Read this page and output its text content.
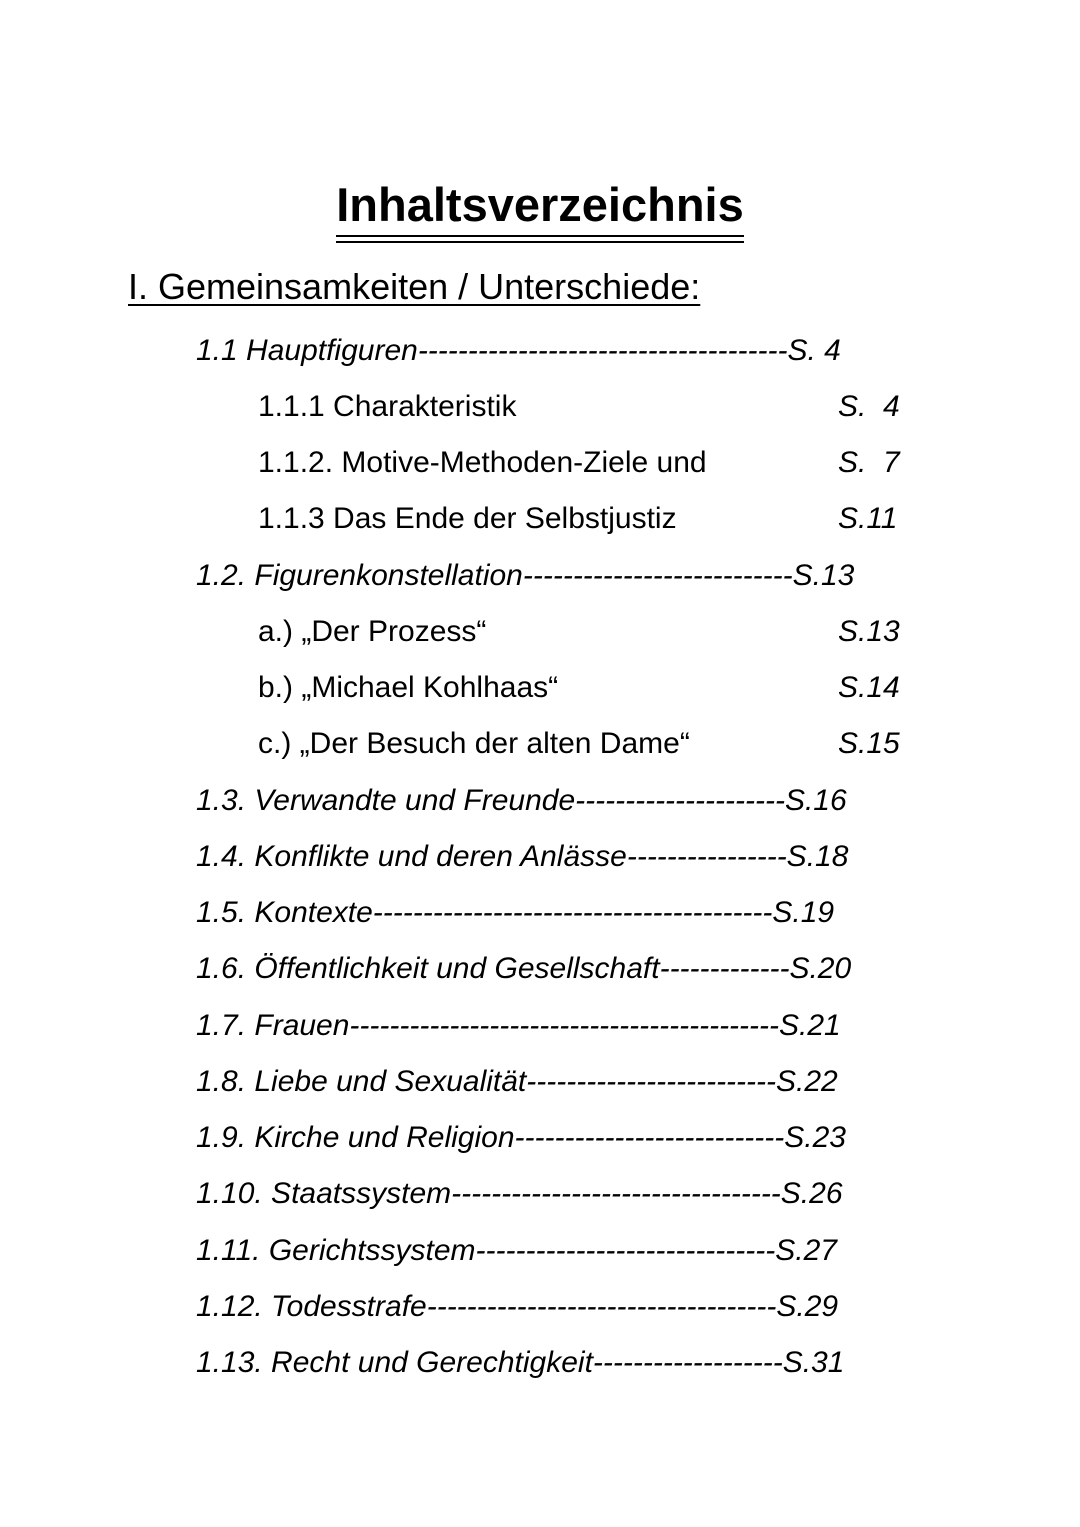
Inhaltsverzeichnis
I. Gemeinsamkeiten / Unterschiede:
1.1 Hauptfiguren-------------------------------------S. 4
1.1.1 Charakteristik	S.  4
1.1.2. Motive-Methoden-Ziele und	S.  7
1.1.3 Das Ende der Selbstjustiz	S.11
1.2. Figurenkonstellation---------------------------S.13
a.) „Der Prozess“	S.13
b.) „Michael Kohlhaas“	S.14
c.) „Der Besuch der alten Dame“	S.15
1.3. Verwandte und Freunde---------------------S.16
1.4. Konflikte und deren Anlässe----------------S.18
1.5. Kontexte----------------------------------------S.19
1.6. Öffentlichkeit und Gesellschaft-------------S.20
1.7. Frauen-------------------------------------------S.21
1.8. Liebe und Sexualität-------------------------S.22
1.9. Kirche und Religion---------------------------S.23
1.10. Staatssystem---------------------------------S.26
1.11. Gerichtssystem------------------------------S.27
1.12. Todesstrafe-----------------------------------S.29
1.13. Recht und Gerechtigkeit-------------------S.31
